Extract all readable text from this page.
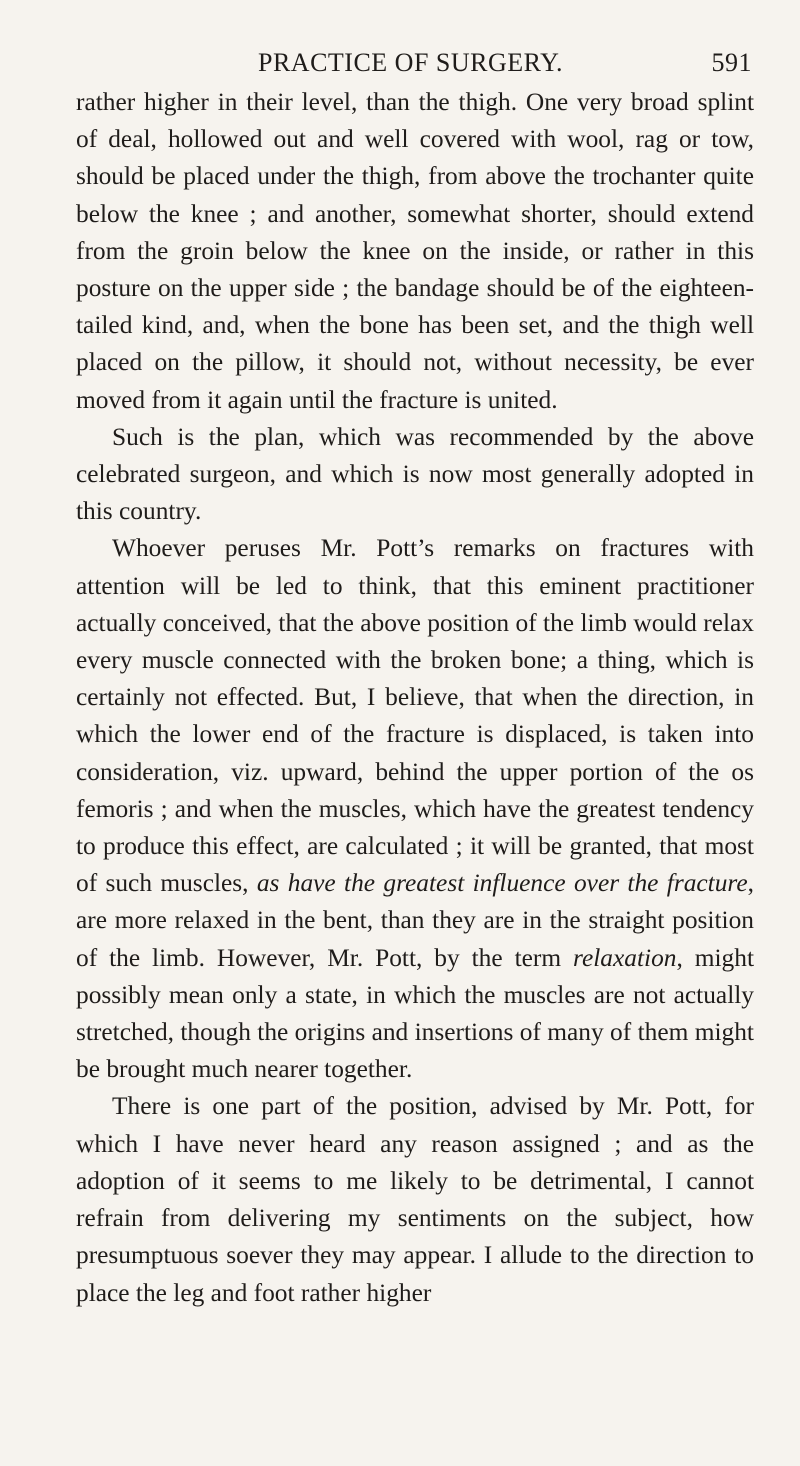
PRACTICE OF SURGERY.	591

rather higher in their level, than the thigh. One very broad splint of deal, hollowed out and well covered with wool, rag or tow, should be placed under the thigh, from above the trochanter quite below the knee ; and another, somewhat shorter, should extend from the groin below the knee on the inside, or rather in this posture on the upper side ; the bandage should be of the eighteen-tailed kind, and, when the bone has been set, and the thigh well placed on the pillow, it should not, without necessity, be ever moved from it again until the fracture is united.

Such is the plan, which was recommended by the above celebrated surgeon, and which is now most generally adopted in this country.

Whoever peruses Mr. Pott’s remarks on fractures with attention will be led to think, that this eminent practitioner actually conceived, that the above position of the limb would relax every muscle connected with the broken bone; a thing, which is certainly not effected. But, I believe, that when the direction, in which the lower end of the fracture is displaced, is taken into consideration, viz. upward, behind the upper portion of the os femoris ; and when the muscles, which have the greatest tendency to produce this effect, are calculated ; it will be granted, that most of such muscles, as have the greatest influence over the fracture, are more relaxed in the bent, than they are in the straight position of the limb. However, Mr. Pott, by the term relaxation, might possibly mean only a state, in which the muscles are not actually stretched, though the origins and insertions of many of them might be brought much nearer together.

There is one part of the position, advised by Mr. Pott, for which I have never heard any reason assigned ; and as the adoption of it seems to me likely to be detrimental, I cannot refrain from delivering my sentiments on the subject, how presumptuous soever they may appear. I allude to the direction to place the leg and foot rather higher
